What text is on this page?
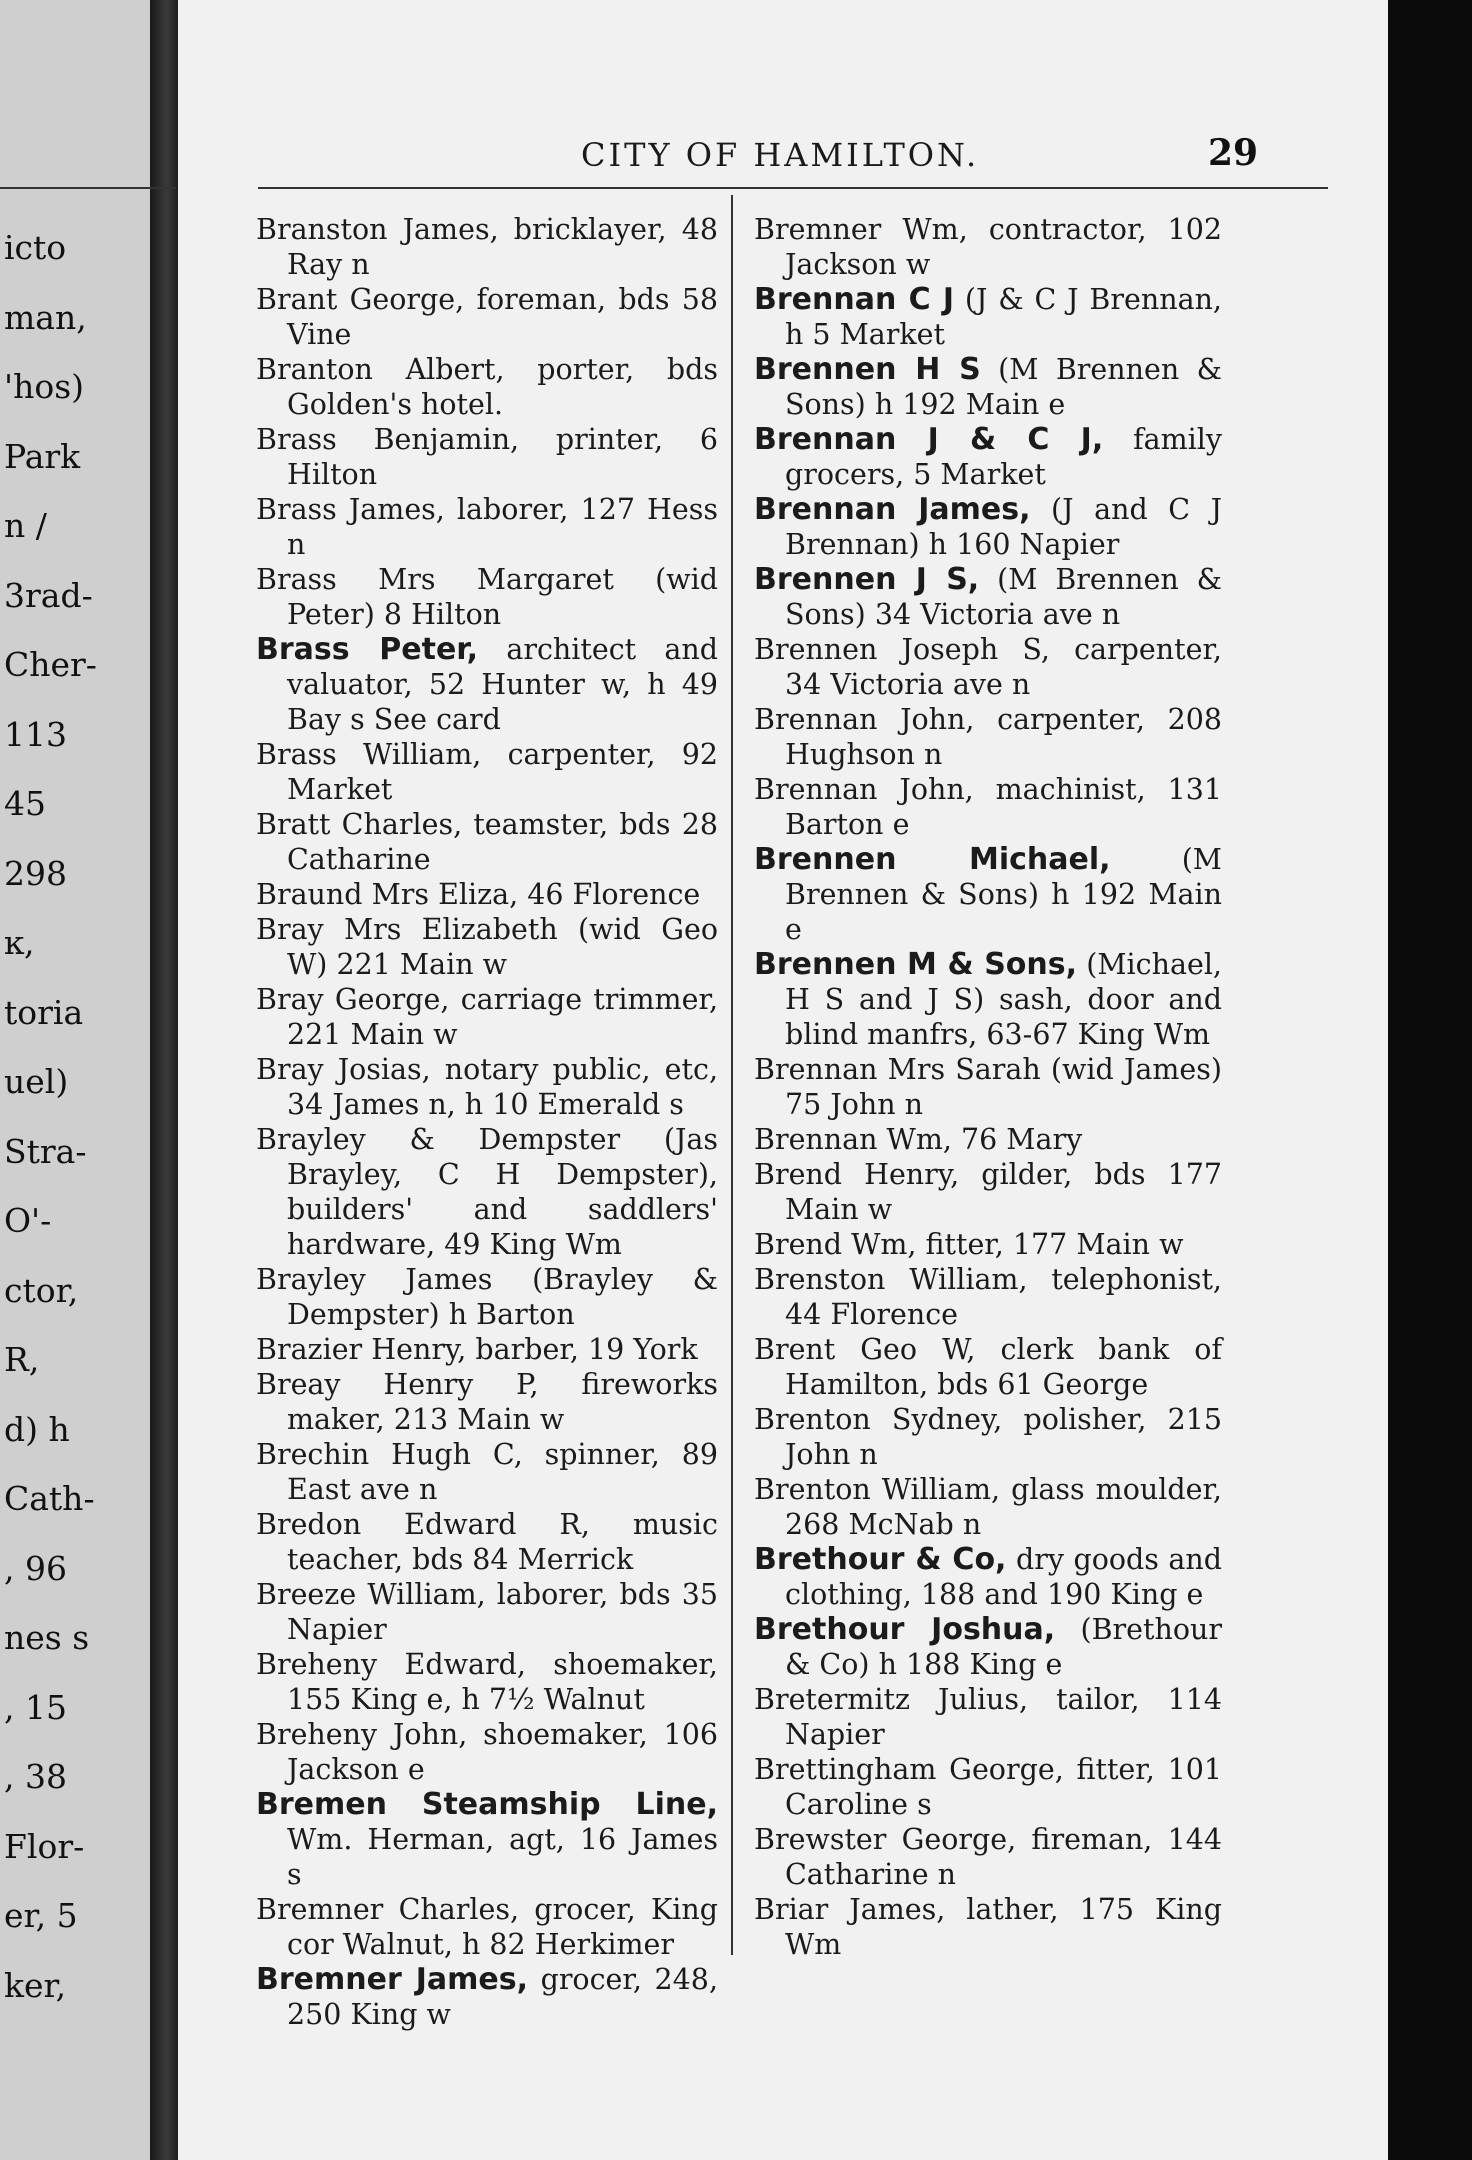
icto
man,
'hos)
Park
n /
3rad-
Cher-
113
45
298
ĸ,
toria
uel)
Stra-
O'-
ctor,
R,
d) h
Cath-
, 96
nes s
, 15
, 38
Flor-
er, 5
ker,
CITY OF HAMILTON.	29
Branston James, bricklayer, 48 Ray n
Brant George, foreman, bds 58 Vine
Branton Albert, porter, bds Golden's hotel.
Brass Benjamin, printer, 6 Hilton
Brass James, laborer, 127 Hess n
Brass Mrs Margaret (wid Peter) 8 Hilton
Brass Peter, architect and valuator, 52 Hunter w, h 49 Bay s See card
Brass William, carpenter, 92 Market
Bratt Charles, teamster, bds 28 Catharine
Braund Mrs Eliza, 46 Florence
Bray Mrs Elizabeth (wid Geo W) 221 Main w
Bray George, carriage trimmer, 221 Main w
Bray Josias, notary public, etc, 34 James n, h 10 Emerald s
Brayley & Dempster (Jas Brayley, C H Dempster), builders' and saddlers' hardware, 49 King Wm
Brayley James (Brayley & Dempster) h Barton
Brazier Henry, barber, 19 York
Breay Henry P, fireworks maker, 213 Main w
Brechin Hugh C, spinner, 89 East ave n
Bredon Edward R, music teacher, bds 84 Merrick
Breeze William, laborer, bds 35 Napier
Breheny Edward, shoemaker, 155 King e, h 7½ Walnut
Breheny John, shoemaker, 106 Jackson e
Bremen Steamship Line, Wm. Herman, agt, 16 James s
Bremner Charles, grocer, King cor Walnut, h 82 Herkimer
Bremner James, grocer, 248, 250 King w
Bremner Wm, contractor, 102 Jackson w
Brennan C J (J & C J Brennan, h 5 Market
Brennen H S (M Brennen & Sons) h 192 Main e
Brennan J & C J, family grocers, 5 Market
Brennan James, (J and C J Brennan) h 160 Napier
Brennen J S, (M Brennen & Sons) 34 Victoria ave n
Brennen Joseph S, carpenter, 34 Victoria ave n
Brennan John, carpenter, 208 Hughson n
Brennan John, machinist, 131 Barton e
Brennen Michael, (M Brennen & Sons) h 192 Main e
Brennen M & Sons, (Michael, H S and J S) sash, door and blind manfrs, 63-67 King Wm
Brennan Mrs Sarah (wid James) 75 John n
Brennan Wm, 76 Mary
Brend Henry, gilder, bds 177 Main w
Brend Wm, fitter, 177 Main w
Brenston William, telephonist, 44 Florence
Brent Geo W, clerk bank of Hamilton, bds 61 George
Brenton Sydney, polisher, 215 John n
Brenton William, glass moulder, 268 McNab n
Brethour & Co, dry goods and clothing, 188 and 190 King e
Brethour Joshua, (Brethour & Co) h 188 King e
Bretermitz Julius, tailor, 114 Napier
Brettingham George, fitter, 101 Caroline s
Brewster George, fireman, 144 Catharine n
Briar James, lather, 175 King Wm
